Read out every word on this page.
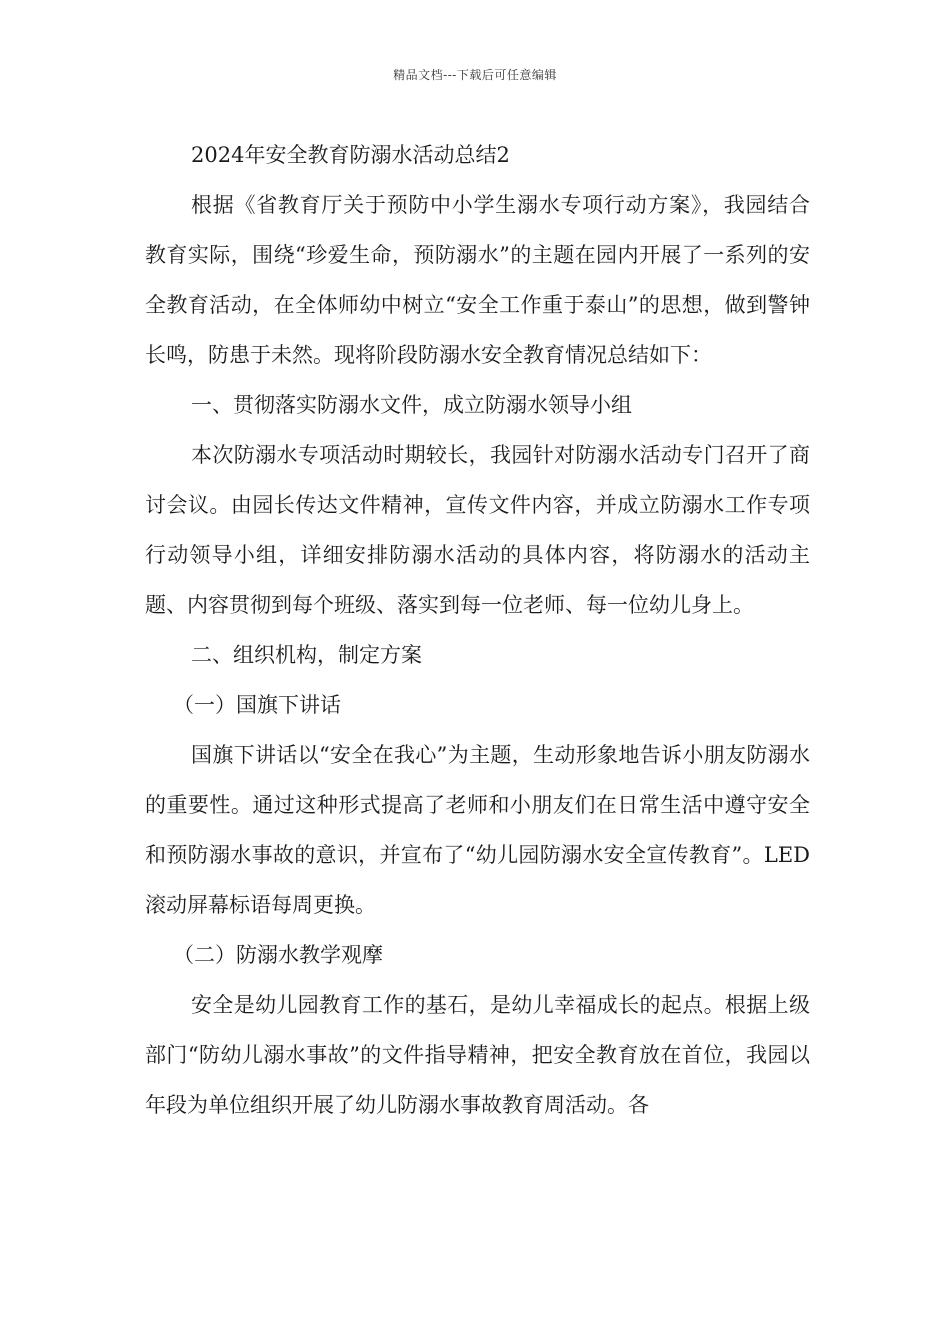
精品文档---下载后可任意编辑

2024年安全教育防溺水活动总结2

根据《省教育厅关于预防中小学生溺水专项行动方案》，我园结合教育实际，围绕“珍爱生命，预防溺水”的主题在园内开展了一系列的安全教育活动，在全体师幼中树立“安全工作重于泰山”的思想，做到警钟长鸣，防患于未然。现将阶段防溺水安全教育情况总结如下：

一、贯彻落实防溺水文件，成立防溺水领导小组

本次防溺水专项活动时期较长，我园针对防溺水活动专门召开了商讨会议。由园长传达文件精神，宣传文件内容，并成立防溺水工作专项行动领导小组，详细安排防溺水活动的具体内容，将防溺水的活动主题、内容贯彻到每个班级、落实到每一位老师、每一位幼儿身上。

二、组织机构，制定方案

（一）国旗下讲话

国旗下讲话以“安全在我心”为主题，生动形象地告诉小朋友防溺水的重要性。通过这种形式提高了老师和小朋友们在日常生活中遵守安全和预防溺水事故的意识，并宣布了“幼儿园防溺水安全宣传教育”。LED滚动屏幕标语每周更换。

（二）防溺水教学观摩

安全是幼儿园教育工作的基石，是幼儿幸福成长的起点。根据上级部门“防幼儿溺水事故”的文件指导精神，把安全教育放在首位，我园以年段为单位组织开展了幼儿防溺水事故教育周活动。各
